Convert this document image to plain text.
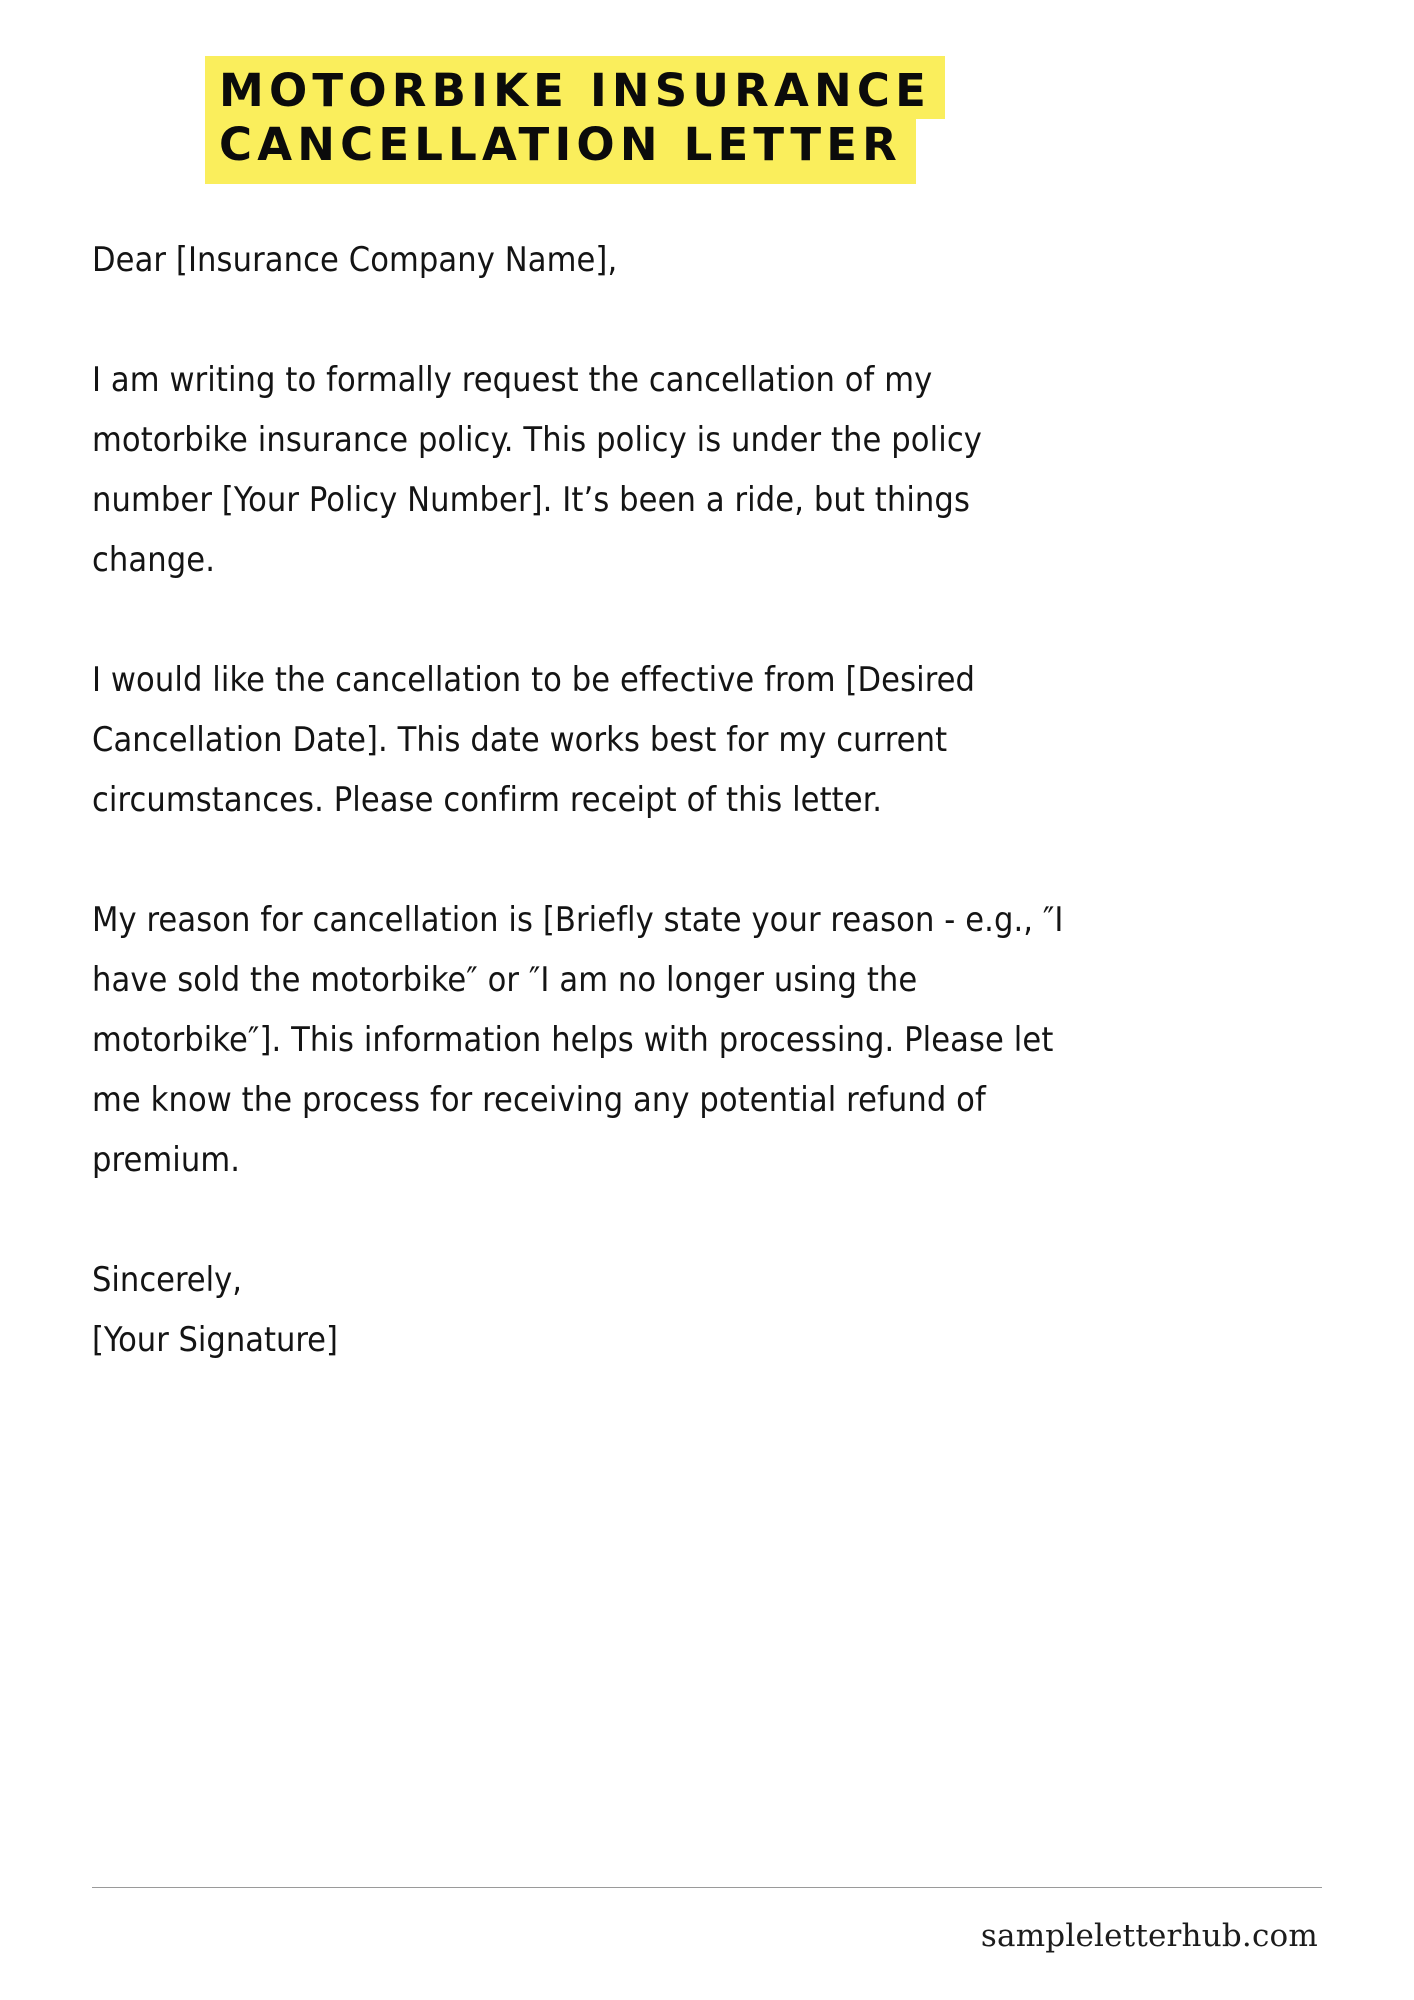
MOTORBIKE INSURANCE
CANCELLATION LETTER
Dear [Insurance Company Name],
I am writing to formally request the cancellation of my motorbike insurance policy. This policy is under the policy number [Your Policy Number]. It’s been a ride, but things change.
I would like the cancellation to be effective from [Desired Cancellation Date]. This date works best for my current circumstances. Please confirm receipt of this letter.
My reason for cancellation is [Briefly state your reason - e.g., ″I have sold the motorbike″ or ″I am no longer using the motorbike″]. This information helps with processing. Please let me know the process for receiving any potential refund of premium.
Sincerely,
[Your Signature]
sampleletterhub.com
